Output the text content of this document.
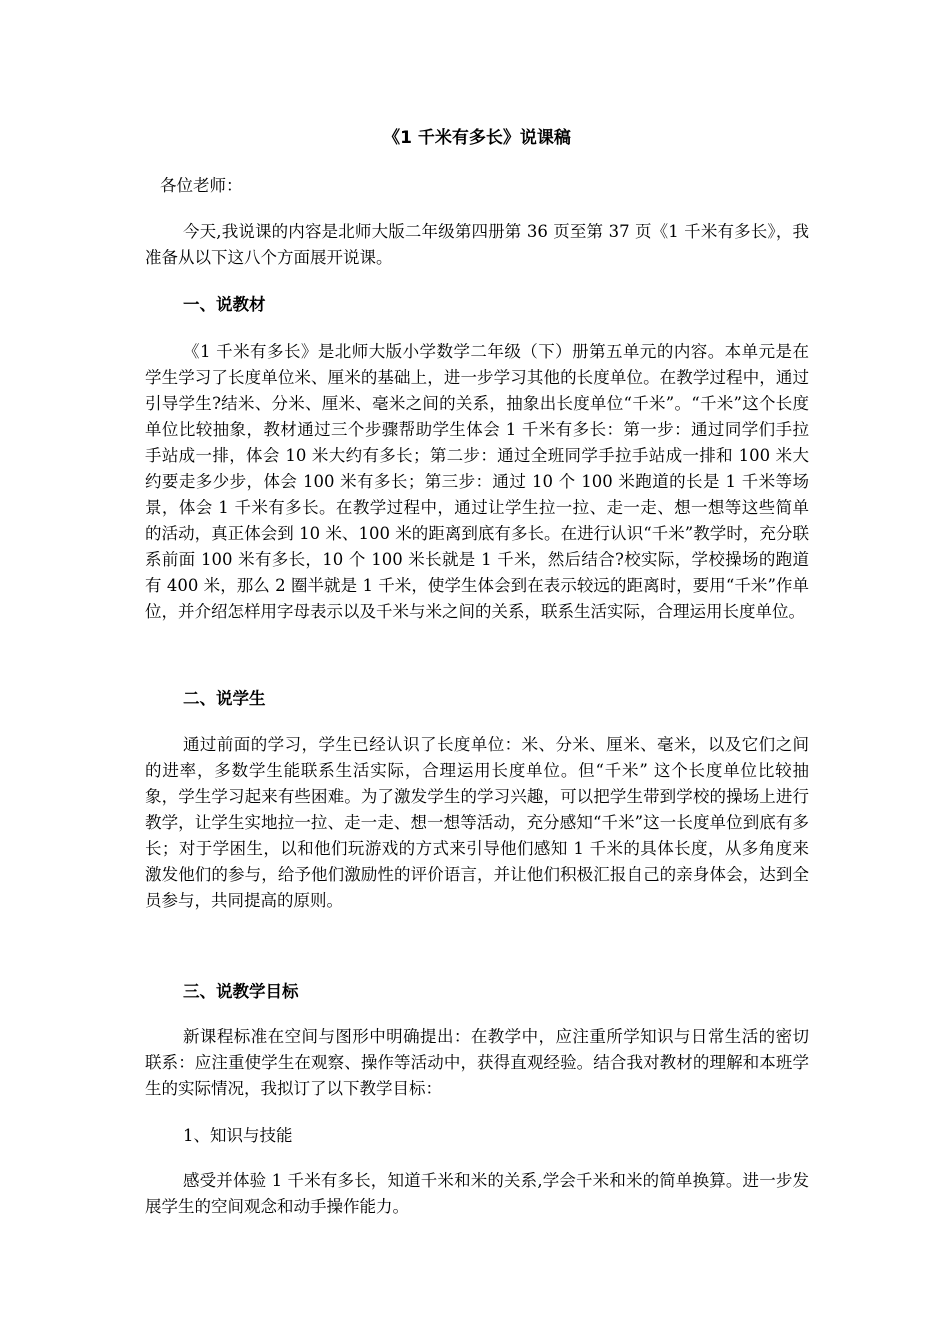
《1 千米有多长》说课稿

各位老师：

今天,我说课的内容是北师大版二年级第四册第 36 页至第 37 页《1 千米有多长》，我准备从以下这八个方面展开说课。

一、说教材

《1 千米有多长》是北师大版小学数学二年级（下）册第五单元的内容。本单元是在学生学习了长度单位米、厘米的基础上，进一步学习其他的长度单位。在教学过程中，通过引导学生?结米、分米、厘米、毫米之间的关系，抽象出长度单位“千米”。“千米”这个长度单位比较抽象，教材通过三个步骤帮助学生体会 1 千米有多长：第一步：通过同学们手拉手站成一排，体会 10 米大约有多长；第二步：通过全班同学手拉手站成一排和 100 米大约要走多少步，体会 100 米有多长；第三步：通过 10 个 100 米跑道的长是 1 千米等场景，体会 1 千米有多长。在教学过程中，通过让学生拉一拉、走一走、想一想等这些简单的活动，真正体会到 10 米、100 米的距离到底有多长。在进行认识“千米”教学时，充分联系前面 100 米有多长，10 个 100 米长就是 1 千米，然后结合?校实际，学校操场的跑道有 400 米，那么 2 圈半就是 1 千米，使学生体会到在表示较远的距离时，要用“千米”作单位，并介绍怎样用字母表示以及千米与米之间的关系，联系生活实际，合理运用长度单位。

二、说学生

通过前面的学习，学生已经认识了长度单位：米、分米、厘米、毫米，以及它们之间的进率，多数学生能联系生活实际，合理运用长度单位。但“千米” 这个长度单位比较抽象，学生学习起来有些困难。为了激发学生的学习兴趣，可以把学生带到学校的操场上进行教学，让学生实地拉一拉、走一走、想一想等活动，充分感知“千米”这一长度单位到底有多长；对于学困生，以和他们玩游戏的方式来引导他们感知 1 千米的具体长度，从多角度来激发他们的参与，给予他们激励性的评价语言，并让他们积极汇报自己的亲身体会，达到全员参与，共同提高的原则。

三、说教学目标

新课程标准在空间与图形中明确提出：在教学中，应注重所学知识与日常生活的密切联系：应注重使学生在观察、操作等活动中，获得直观经验。结合我对教材的理解和本班学生的实际情况，我拟订了以下教学目标：

1、知识与技能

感受并体验 1 千米有多长，知道千米和米的关系,学会千米和米的简单换算。进一步发展学生的空间观念和动手操作能力。
